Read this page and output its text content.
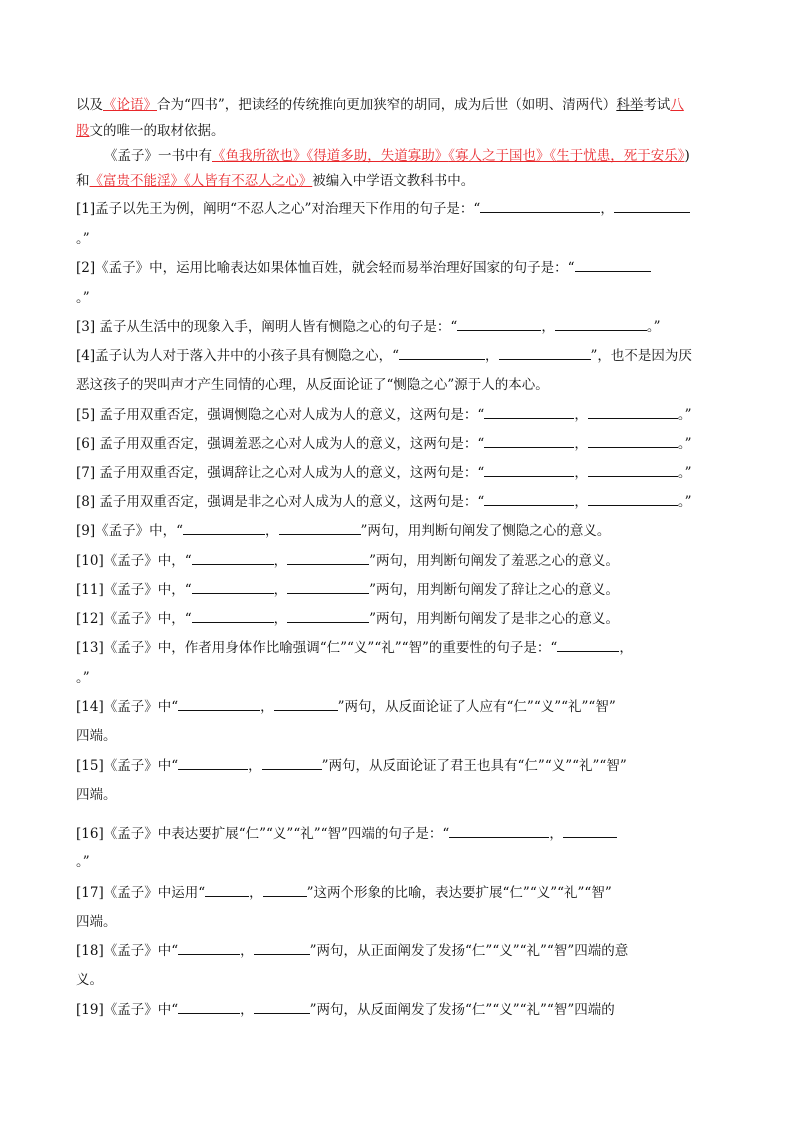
以及《论语》合为“四书”，把读经的传统推向更加狭窄的胡同，成为后世（如明、清两代）科举考试八
股文的唯一的取材依据。
《孟子》一书中有《鱼我所欲也》《得道多助，失道寡助》《寡人之于国也》《生于忧患，死于安乐》)
和《富贵不能淫》《人皆有不忍人之心》被编入中学语文教科书中。
[1]孟子以先王为例，阐明“不忍人之心”对治理天下作用的句子是：“	，
。”
[2]《孟子》中，运用比喻表达如果体恤百姓，就会轻而易举治理好国家的句子是：“
。”
[3] 孟子从生活中的现象入手，阐明人皆有恻隐之心的句子是：“	，	。”
[4]孟子认为人对于落入井中的小孩子具有恻隐之心，“	，	”，也不是因为厌
恶这孩子的哭叫声才产生同情的心理，从反面论证了“恻隐之心”源于人的本心。
[5] 孟子用双重否定，强调恻隐之心对人成为人的意义，这两句是：“	，	。”
[6] 孟子用双重否定，强调羞恶之心对人成为人的意义，这两句是：“	，	。”
[7] 孟子用双重否定，强调辞让之心对人成为人的意义，这两句是：“	，	。”
[8] 孟子用双重否定，强调是非之心对人成为人的意义，这两句是：“	，	。”
[9]《孟子》中，“	，	”两句，用判断句阐发了恻隐之心的意义。
[10]《孟子》中，“	，	”两句，用判断句阐发了羞恶之心的意义。
[11]《孟子》中，“	，	”两句，用判断句阐发了辞让之心的意义。
[12]《孟子》中，“	，	”两句，用判断句阐发了是非之心的意义。
[13]《孟子》中，作者用身体作比喻强调“仁”“义”“礼”“智”的重要性的句子是：“	，
。”
[14]《孟子》中“	，	”两句，从反面论证了人应有“仁”“义”“礼”“智”
四端。
[15]《孟子》中“	，	”两句，从反面论证了君王也具有“仁”“义”“礼”“智”
四端。
[16]《孟子》中表达要扩展“仁”“义”“礼”“智”四端的句子是：“	，
。”
[17]《孟子》中运用“	，	”这两个形象的比喻，表达要扩展“仁”“义”“礼”“智”
四端。
[18]《孟子》中“	，	”两句，从正面阐发了发扬“仁”“义”“礼”“智”四端的意
义。
[19]《孟子》中“	，	”两句，从反面阐发了发扬“仁”“义”“礼”“智”四端的
